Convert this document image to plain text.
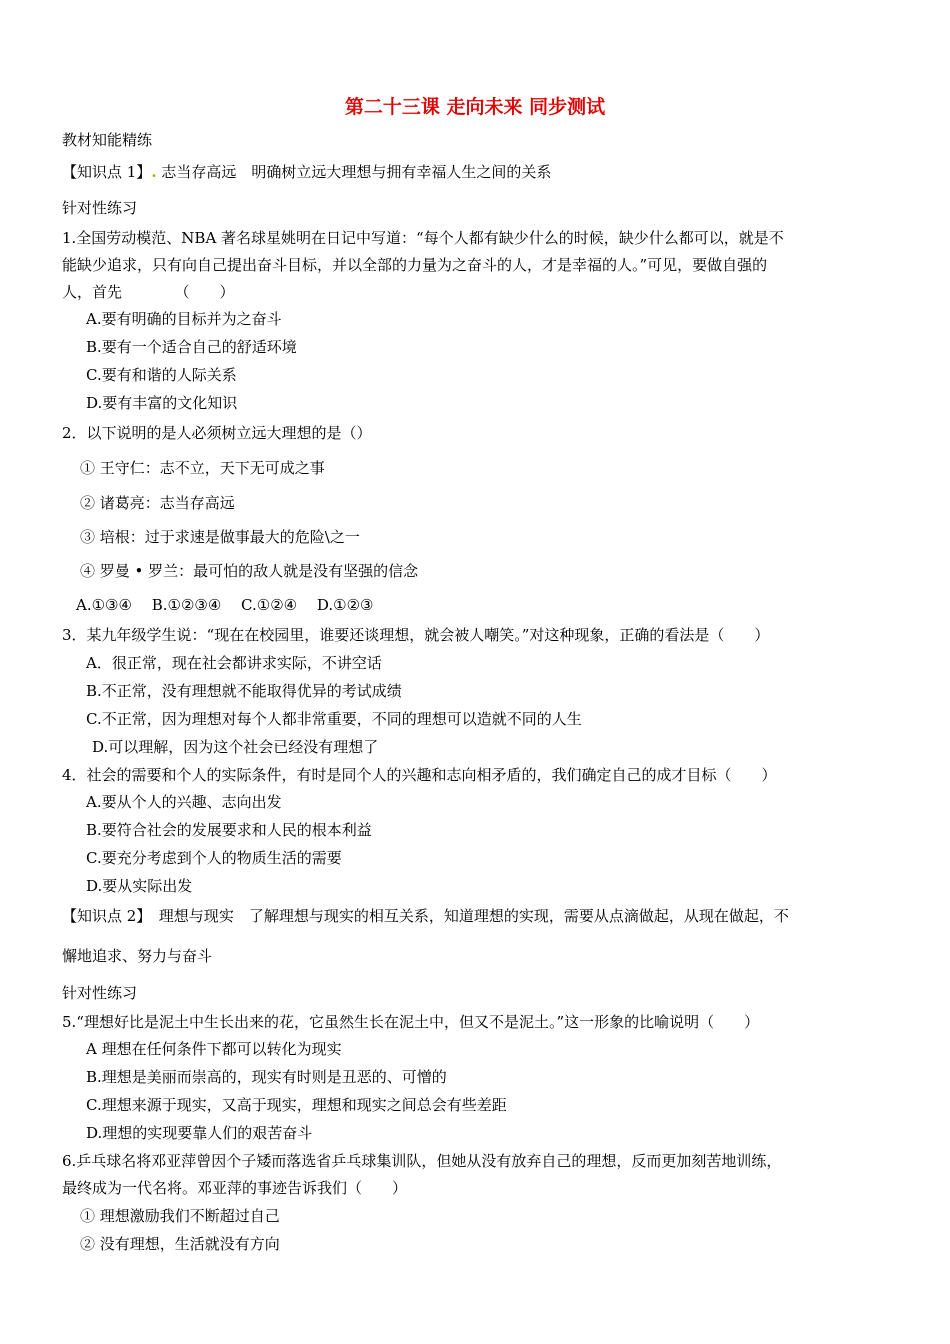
第二十三课 走向未来 同步测试
教材知能精练
【知识点 1】. 志当存高远　明确树立远大理想与拥有幸福人生之间的关系
针对性练习
1.全国劳动模范、NBA 著名球星姚明在日记中写道：“每个人都有缺少什么的时候，缺少什么都可以，就是不
能缺少追求，只有向自己提出奋斗目标，并以全部的力量为之奋斗的人，才是幸福的人。”可见，要做自强的
人，首先　　　　（　　）
A.要有明确的目标并为之奋斗
B.要有一个适合自己的舒适环境
C.要有和谐的人际关系
D.要有丰富的文化知识
2．以下说明的是人必须树立远大理想的是（）
① 王守仁：志不立，天下无可成之事
② 诸葛亮：志当存高远
③ 培根：过于求速是做事最大的危险\之一
④ 罗曼 • 罗兰：最可怕的敌人就是没有坚强的信念
A.①③④　 B.①②③④　 C.①②④　 D.①②③
3．某九年级学生说：“现在在校园里，谁要还谈理想，就会被人嘲笑。”对这种现象，正确的看法是（　　）
A．很正常，现在社会都讲求实际，不讲空话
B.不正常，没有理想就不能取得优异的考试成绩
C.不正常，因为理想对每个人都非常重要，不同的理想可以造就不同的人生
D.可以理解，因为这个社会已经没有理想了
4．社会的需要和个人的实际条件，有时是同个人的兴趣和志向相矛盾的，我们确定自己的成才目标（　　）
A.要从个人的兴趣、志向出发
B.要符合社会的发展要求和人民的根本利益
C.要充分考虑到个人的物质生活的需要
D.要从实际出发
【知识点 2】　理想与现实　了解理想与现实的相互关系，知道理想的实现，需要从点滴做起，从现在做起，不
懈地追求、努力与奋斗
针对性练习
5.“理想好比是泥土中生长出来的花，它虽然生长在泥土中，但又不是泥土。”这一形象的比喻说明（　　）
A 理想在任何条件下都可以转化为现实
B.理想是美丽而崇高的，现实有时则是丑恶的、可憎的
C.理想来源于现实，又高于现实，理想和现实之间总会有些差距
D.理想的实现要靠人们的艰苦奋斗
6.乒乓球名将邓亚萍曾因个子矮而落选省乒乓球集训队，但她从没有放弃自己的理想，反而更加刻苦地训练，
最终成为一代名将。邓亚萍的事迹告诉我们（　　）
① 理想激励我们不断超过自己
② 没有理想，生活就没有方向
